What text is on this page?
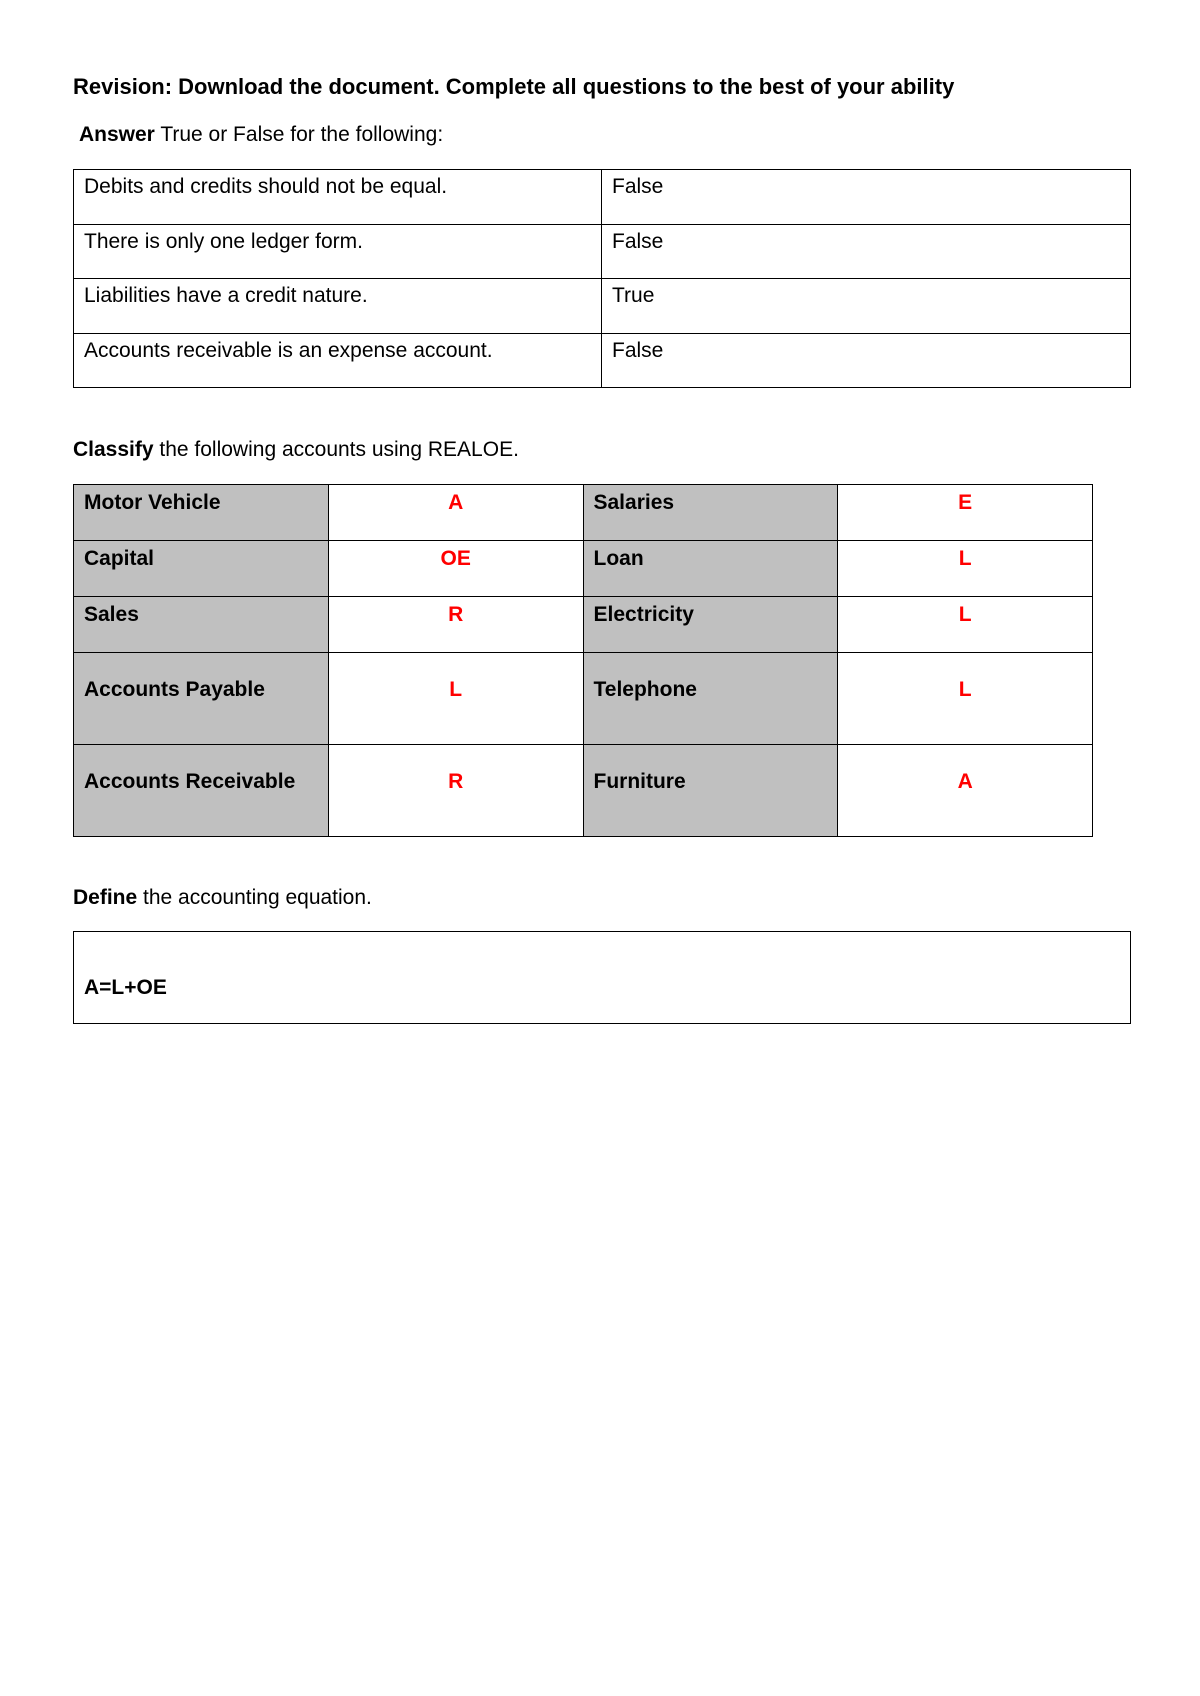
Revision: Download the document. Complete all questions to the best of your ability
Answer True or False for the following:
Debits and credits should not be equal.	False
There is only one ledger form.	False
Liabilities have a credit nature.	True
Accounts receivable is an expense account.	False
Classify the following accounts using REALOE.
Motor Vehicle	A	Salaries	E
Capital	OE	Loan	L
Sales	R	Electricity	L
Accounts Payable	L	Telephone	L
Accounts Receivable	R	Furniture	A
Define the accounting equation.
A=L+OE
